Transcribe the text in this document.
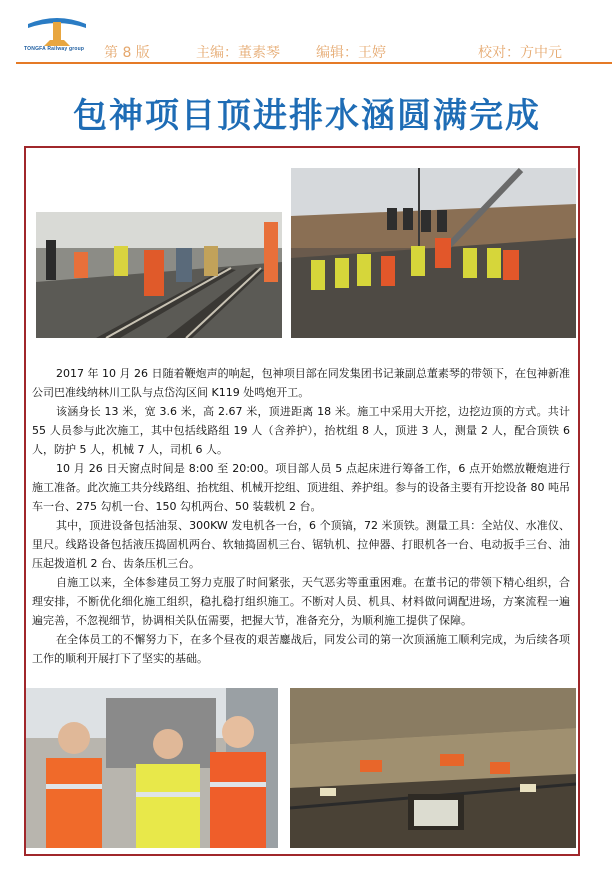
TONGFA Railway group 第 8 版	主编：董素琴	编辑：王婷	校对：方中元
包神项目顶进排水涵圆满完成

2017 年 10 月 26 日随着鞭炮声的响起，包神项目部在同发集团书记兼副总董素琴的带领下，在包神新准公司巴准线纳林川工队与点岱沟区间 K119 处鸣炮开工。

该涵身长 13 米，宽 3.6 米，高 2.67 米，顶进距离 18 米。施工中采用大开挖，边挖边顶的方式。共计 55 人员参与此次施工，其中包括线路组 19 人（含养护），抬枕组 8 人，顶进 3 人，测量 2 人，配合顶铁 6 人，防护 5 人，机械 7 人，司机 6 人。

10 月 26 日天窗点时间是 8:00 至 20:00。项目部人员 5 点起床进行筹备工作，6 点开始燃放鞭炮进行施工准备。此次施工共分线路组、抬枕组、机械开挖组、顶进组、养护组。参与的设备主要有开挖设备 80 吨吊车一台、275 勾机一台、150 勾机两台、50 装载机 2 台。

其中，顶进设备包括油泵、300KW 发电机各一台，6 个顶镐，72 米顶铁。测量工具：全站仪、水准仪、里尺。线路设备包括液压捣固机两台、软轴捣固机三台、锯轨机、拉伸器、打眼机各一台、电动扳手三台、油压起拨道机 2 台、齿条压机三台。

自施工以来，全体参建员工努力克服了时间紧张，天气恶劣等重重困难。在董书记的带领下精心组织，合理安排，不断优化细化施工组织，稳扎稳打组织施工。不断对人员、机具、材料做问调配进场，方案流程一遍遍完善，不忽视细节，协调相关队伍需要，把握大节，准备充分，为顺利施工提供了保障。

在全体员工的不懈努力下，在多个昼夜的艰苦鏖战后，同发公司的第一次顶涵施工顺利完成，为后续各项工作的顺利开展打下了坚实的基础。
